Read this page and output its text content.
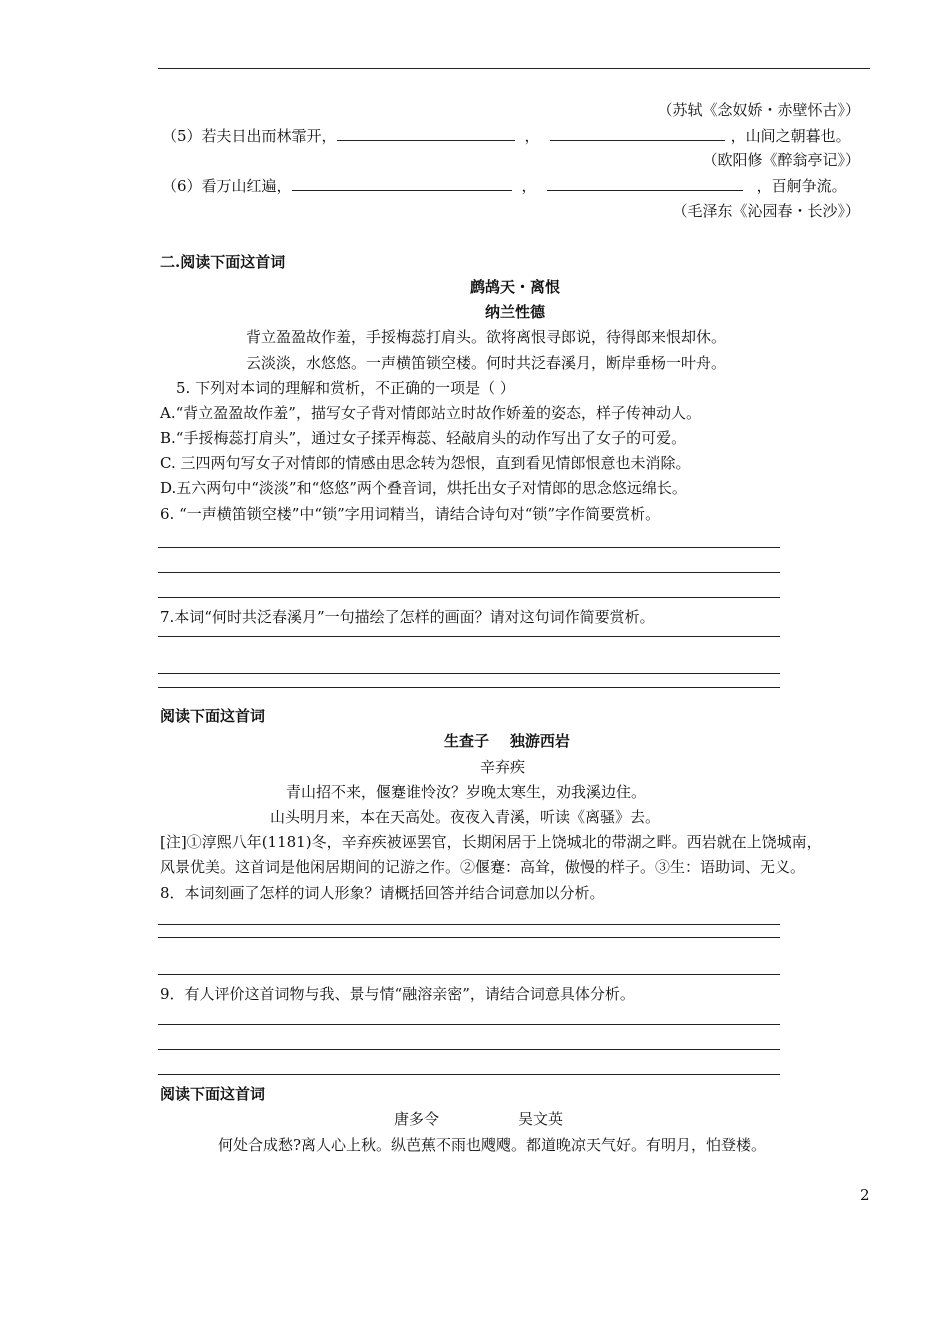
（苏轼《念奴娇・赤壁怀古》）
（5）若夫日出而林霏开，	，	，山间之朝暮也。
（欧阳修《醉翁亭记》）
（6）看万山红遍，	，	，百舸争流。
（毛泽东《沁园春・长沙》）
二.阅读下面这首词
鹧鸪天・离恨
纳兰性德
背立盈盈故作羞，手挼梅蕊打肩头。欲将离恨寻郎说，待得郎来恨却休。
云淡淡，水悠悠。一声横笛锁空楼。何时共泛春溪月，断岸垂杨一叶舟。
5. 下列对本词的理解和赏析，不正确的一项是（ ）
A.“背立盈盈故作羞”，描写女子背对情郎站立时故作娇羞的姿态，样子传神动人。
B.“手挼梅蕊打肩头”，通过女子揉弄梅蕊、轻敲肩头的动作写出了女子的可爱。
C. 三四两句写女子对情郎的情感由思念转为怨恨，直到看见情郎恨意也未消除。
D.五六两句中“淡淡”和“悠悠”两个叠音词，烘托出女子对情郎的思念悠远绵长。
6. “一声横笛锁空楼”中“锁”字用词精当，请结合诗句对“锁”字作简要赏析。
7.本词“何时共泛春溪月”一句描绘了怎样的画面？请对这句词作简要赏析。
阅读下面这首词
生查子    独游西岩
辛弃疾
青山招不来，偃蹇谁怜汝？岁晚太寒生，劝我溪边住。
山头明月来，本在天高处。夜夜入青溪，听读《离骚》去。
[注]①淳熙八年(1181)冬，辛弃疾被诬罢官，长期闲居于上饶城北的带湖之畔。西岩就在上饶城南，
风景优美。这首词是他闲居期间的记游之作。②偃蹇：高耸，傲慢的样子。③生：语助词、无义。
8．本词刻画了怎样的词人形象？请概括回答并结合词意加以分析。
9．有人评价这首词物与我、景与情“融溶亲密”，请结合词意具体分析。
阅读下面这首词
唐多令	吴文英
何处合成愁?离人心上秋。纵芭蕉不雨也飕飕。都道晚凉天气好。有明月，怕登楼。
2
